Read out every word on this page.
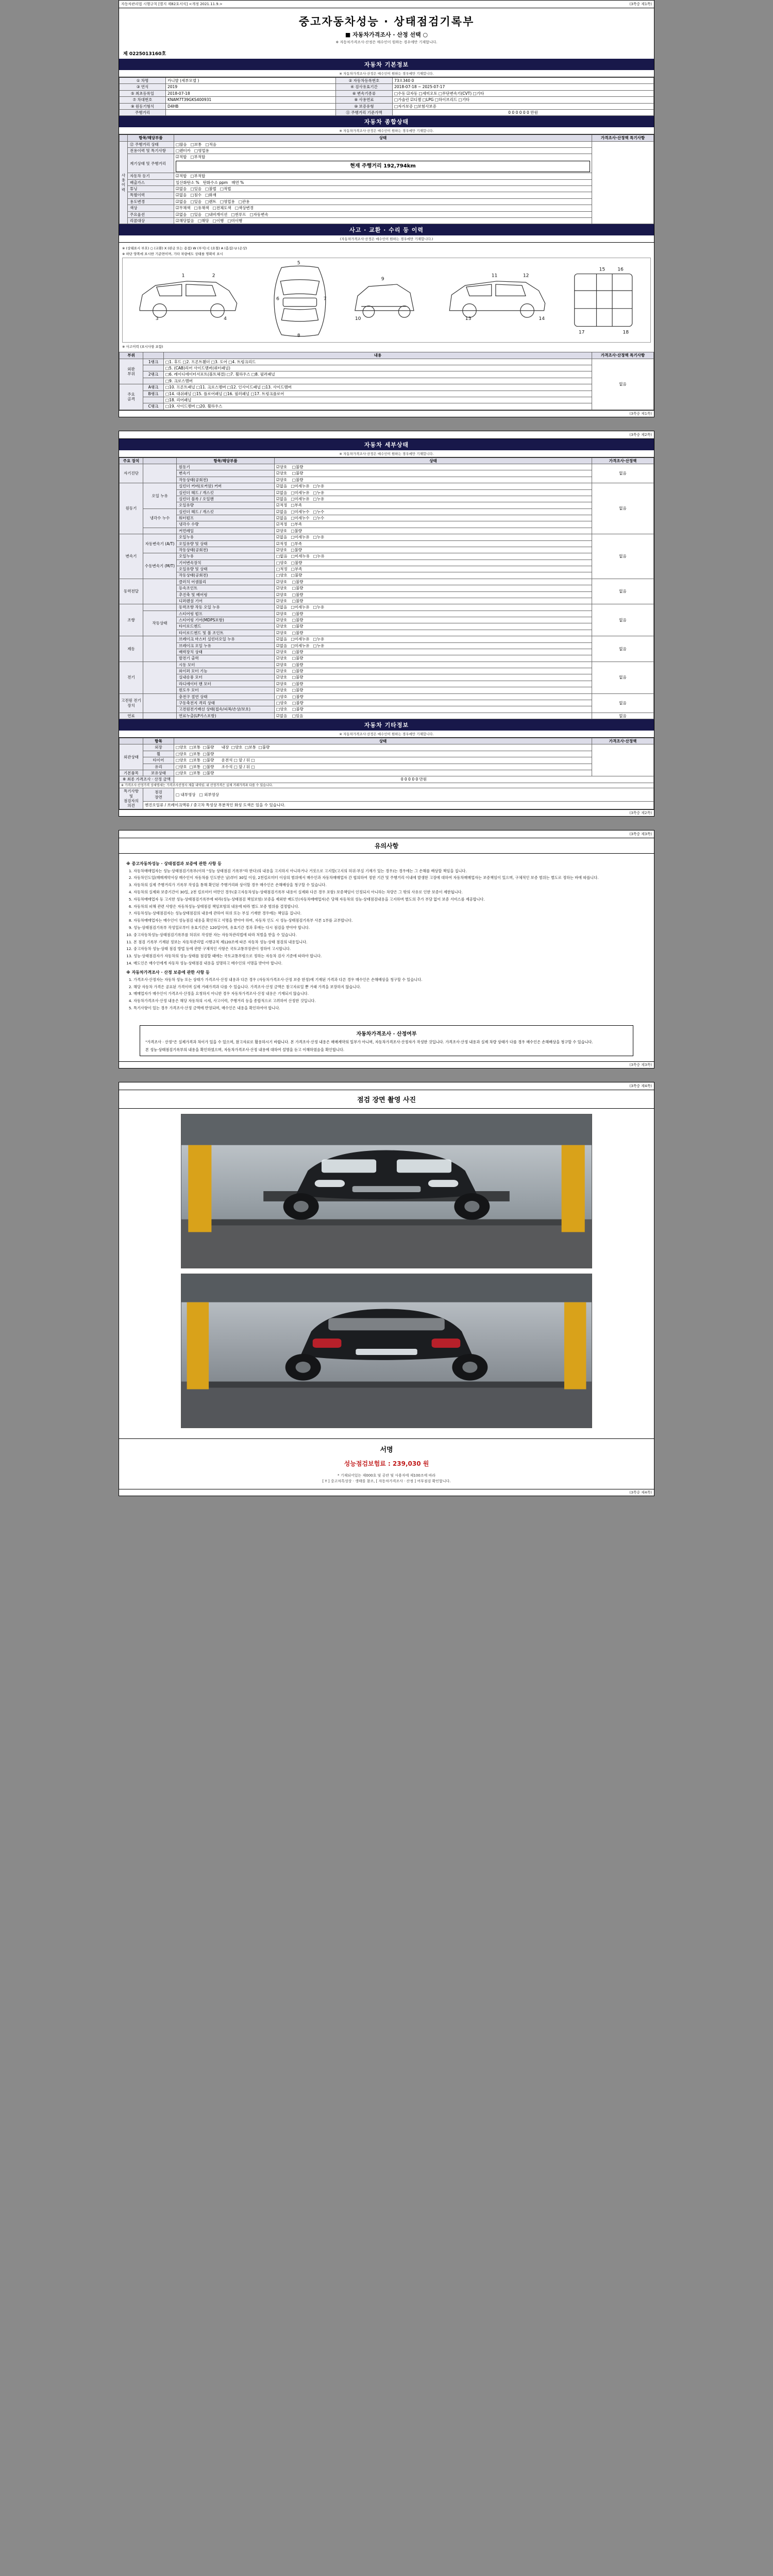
자동차관리법 시행규칙 [별지 제82호서식] <개정 2021.11.9.>	(3쪽중 제1쪽)
중고자동차성능 · 상태점검기록부
■ 자동차가격조사 · 산정 선택 ○
※ 자동차가격조사·산정은 매수인이 원하는 경우에만 기재합니다.
제 0225013160호
자동차 기본정보
※ 자동차가격조사·산정은 매수인이 원하는 경우에만 기재합니다.
① 차명	카니발 (세부모델 )	② 자동차등록번호	73오340 0
③ 연식	2019	④ 검사유효기간	2018-07-18 ~ 2025-07-17
⑤ 최초등록일	2018-07-18	⑥ 변속기종류	□수동 ☑자동 □세미오토 □무단변속기(CVT) □기타
⑦ 차대번호	KNAM7T39GKS400931	⑧ 사용연료	□가솔린 ☑디젤 □LPG □하이브리드 □기타
⑨ 원동기형식	D4HB	⑩ 보증유형	□자가보증 □보험사보증
주행거리		⑪ 주행거리 기준가액	0 0 0 0 0 0 만원
자동차 종합상태
※ 자동차가격조사·산정은 매수인이 원하는 경우에만 기재합니다.
	항목/해당부품	상태	가격조사·산정액 특기사항
사용이력	⑫ 주행거리 상태	□많음 □보통 □적음	
	전용이력 및 특기사항	□렌터카 □영업용	
	계기상태 및 주행거리	☑적합 □부적합
현재 주행거리 192,794km	

	자동차 등기	☑적합 □부적합	
	배출가스	일산화탄소 % 탄화수소 ppm 매연 %	
	튜닝	☑없음 □있음 □불법 □적법	
	특별이력	☑없음 □침수 □화재	
	용도변경	☑없음 □있음 □렌트 □영업용 □관용	
	색상	☑무채색 □유채색 □전체도색 □색상변경	
	주요옵션	☑없음 □있음 □내비게이션 □썬루프 □자동변속	
	리콜대상	☑해당없음 □해당 □이행 □미이행	
사고 · 교환 · 수리 등 이력
(자동차가격조사·산정은 매수인이 원하는 경우에만 기재합니다.)
※ (상태표시 부호) ○ (교환) X (판금 또는 용접) W (부식) C (요철) A (흠집) U (손상)
※ 하단 양쪽에 표시한 기준면이며, 기타 차량에도 상태를 명확히 표시
1	2
3	4
5
6	7
8
9
10
11	12
13	14
15	16
17	18
※ 사고이력 (표시사항 포함)
부위		내용	가격조사·산정액 특기사항
외판
부위	1랭크	□1. 후드 □2. 프론트휀더 □3. 도어 □4. 트렁크리드	없음
		□5. (CAB)리어 사이드멤버(쿼터패널)	
	2랭크	□6. 레이디에이터서포트(볼트체결) □7. 휠하우스 □8. 필러패널	
		□9. 크로스멤버	
주요
골격	A랭크	□10. 프론트패널 □11. 크로스멤버 □12. 인사이드패널 □13. 사이드멤버	
	B랭크	□14. 대쉬패널 □15. 플로어패널 □16. 필러패널 □17. 트렁크플로어	
		□18. 리어패널	
	C랭크	□19. 사이드멤버 □20. 휠하우스	
(3쪽중 제1쪽)
(3쪽중 제2쪽)
자동차 세부상태
※ 자동차가격조사·산정은 매수인이 원하는 경우에만 기재합니다.
주요 장치		항목/해당부품	상태	가격조사·산정액
자기진단		원동기	☑양호 □불량	없음
		변속기	☑양호 □불량	
		작동상태(공회전)	☑양호 □불량	
원동기	오일 누유	실린더 커버(로커암) 커버	☑없음 □미세누유 □누유	없음
		실린더 헤드 / 개스킷	☑없음 □미세누유 □누유	
		실린더 블록 / 오일팬	☑없음 □미세누유 □누유	
		오일유량	☑적정 □부족	
	냉각수 누수	실린더 헤드 / 개스킷	☑없음 □미세누수 □누수	
		워터펌프	☑없음 □미세누수 □누수	
		냉각수 수량	☑적정 □부족	
		커먼레일	☑양호 □불량	
변속기	자동변속기 (A/T)	오일누유	☑없음 □미세누유 □누유	없음
		오일유량 및 상태	☑적정 □부족	
		작동상태(공회전)	☑양호 □불량	
	수동변속기 (M/T)	오일누유	□없음 □미세누유 □누유	
		기어변속장치	□양호 □불량	
		오일유량 및 상태	□적정 □부족	
		작동상태(공회전)	□양호 □불량	
동력전달		클러치 어셈블리	☑양호 □불량	없음
		등속조인트	☑양호 □불량	
		추진축 및 베어링	☑양호 □불량	
		디퍼렌셜 기어	☑양호 □불량	
조향		동력조향 작동 오일 누유	☑없음 □미세누유 □누유	없음
	작동상태	스티어링 펌프	☑양호 □불량	
		스티어링 기어(MDPS포함)	☑양호 □불량	
		타이로드엔드	☑양호 □불량	
		타이로드엔드 및 볼 조인트	☑양호 □불량	
제동		브레이크 마스터 실린더오일 누유	☑없음 □미세누유 □누유	없음
		브레이크 오일 누유	☑없음 □미세누유 □누유	
		배력장치 상태	☑양호 □불량	
		발전기 출력	☑양호 □불량	
전기		시동 모터	☑양호 □불량	없음
		와이퍼 모터 기능	☑양호 □불량	
		실내송풍 모터	☑양호 □불량	
		라디에이터 팬 모터	☑양호 □불량	
		윈도우 모터	☑양호 □불량	
고전원 전기장치		충전구 절연 상태	□양호 □불량	없음
		구동축전지 격리 상태	□양호 □불량	
		고전원전기배선 상태(접속/피복/손상/보호)	□양호 □불량	
연료		연료누출(LP가스포함)	☑없음 □있음	없음
자동차 기타정보
※ 자동차가격조사·산정은 매수인이 원하는 경우에만 기재합니다.
	항목	상태	가격조사·산정액
외관상태	외장	□양호 □보통 □불량 내장 □양호 □보통 □불량	
	휠	□양호 □보통 □불량	
	타이어	□양호 □보통 □불량 운전석 □ 앞 / 뒤 □	
	유리	□양호 □보통 □불량 조수석 □ 앞 / 뒤 □	
기본품목	보유상태	□양호 □보통 □불량	
※ 최종 가격조사 · 산정 금액		0 0 0 0 0 만원	
※ 가격조사·산정가격 상세명세는 가격조사산정사 제출 내역임. 위 산정가격은 실제 거래가격과 다를 수 있습니다.			
특기사항
및
점검자의
의견	점검
장면	□ 내부영상   □ 외부영상	
	엔진오일류 / 브레이크액류 / 중고차 특성상 부분적인 화성 도색은 있을 수 있습니다.		
(3쪽중 제2쪽)
(3쪽중 제3쪽)
유의사항
※ 중고자동차성능 · 상태점검과 보증에 관한 사항 등
1. 자동차매매업자는 성능·상태점검기록부(이하 "성능 상태점검 기록부"라 한다)의 내용을 고지하지 아니하거나 거짓으로 고지할(고지의 허위·부실 기재가 있는 경우)는 경우에는 그 손해를 배상할 책임을 집니다.
2. 자동차인도일(매매계약서상 매수인이 자동차를 인도받은 날)부터 30일 이상, 2천킬로미터 이상의 범위에서 매수인과 자동차매매업자 간 협의하여 정한 기간 및 주행거리 이내에 발생한 고장에 대하여 자동차매매업자는 보증책임이 있으며, 구체적인 보증 범위는 별도로 정하는 바에 따릅니다.
3. 자동차의 실제 주행거리가 기록부 작성을 통해 확인된 주행거리와 상이할 경우 매수인은 손해배상을 청구할 수 있습니다.
4. 자동차의 실제와 보증기간이 30일, 2천 킬로미터 미만인 경우(중고자동차성능·상태점검기록부 내용이 실제와 다른 경우 포함) 보증책임이 인정되지 아니하는 차량은 그 밖의 사유로 인한 보증이 제한됩니다.
5. 자동차매매업자 등 고지한 성능·상태점검기록부에 따라(성능·상태점검 책임보험) 보증을 제외한 매도인(자동차매매업자)은 당해 자동차의 성능·상태점검내용을 고지하며 별도의 추가 부담 없이 보증 서비스를 제공합니다.
6. 자동차의 피해 관련 사항은 자동차성능·상태점검 책임보험의 내용에 따라 별도 보증 범위를 결정합니다.
7. 자동차성능·상태점검자는 성능상태점검의 내용에 관하여 허위 또는 부실 기재한 경우에는 책임을 집니다.
8. 자동차매매업자는 매수인이 성능점검 내용을 확인하고 서명을 받아야 하며, 자동차 인도 시 성능·상태점검기록부 사본 1부를 교부합니다.
9. 성능·상태점검기록부 작성일로부터 유효기간은 120일이며, 유효기간 경과 후에는 다시 점검을 받아야 합니다.
10. 중고자동차성능·상태점검기록부를 허위로 작성한 자는 자동차관리법에 따라 처벌을 받을 수 있습니다.
11. 본 점검 기록부 기재된 정보는 자동차관리법 시행규칙 제120조에 따른 자동차 성능·상태 점검의 내용입니다.
12. 중고자동차 성능·상태 점검 방법 등에 관한 구체적인 사항은 국토교통부장관이 정하여 고시합니다.
13. 성능·상태점검자가 자동차의 성능·상태를 점검할 때에는 국토교통부령으로 정하는 자동차 검사 기준에 따라야 합니다.
14. 매도인은 매수인에게 자동차 성능·상태점검 내용을 설명하고 매수인의 서명을 받아야 합니다.
※ 자동차가격조사 · 산정 보증에 관한 사항 등
1. 가격조사·산정자는 자동차 성능 또는 상태가 가격조사·산정 내용과 다른 경우 (자동차가격조사·산정 보증 한정)에 기재된 가격과 다른 경우 매수인은 손해배상을 청구할 수 있습니다.
2. 해당 자동차 가격은 공표된 가격이며 실제 거래가격과 다를 수 있습니다. 가격조사·산정 금액은 참고자료일 뿐 거래 가격을 보장하지 않습니다.
3. 매매업자가 매수인이 가격조사·산정을 요청하지 아니한 경우 자동차가격조사·산정 내용은 기재되지 않습니다.
4. 자동차가격조사·산정 내용은 해당 자동차의 시세, 사고이력, 주행거리 등을 종합적으로 고려하여 산정한 것입니다.
5. 특기사항이 있는 경우 가격조사·산정 금액에 반영되며, 매수인은 내용을 확인하여야 합니다.
자동차가격조사 · 산정여부
"가격조사 · 산정"은 실제가격과 차이가 있을 수 있으며, 참고자료로 활용하시기 바랍니다. 본 가격조사·산정 내용은 매매계약의 일부가 아니며, 자동차가격조사·산정자가 작성한 것입니다. 가격조사·산정 내용과 실제 차량 상태가 다를 경우 매수인은 손해배상을 청구할 수 있습니다.
본 성능·상태점검기록부의 내용을 확인하였으며, 자동차가격조사·산정 내용에 대하여 설명을 듣고 이해하였음을 확인합니다.
(3쪽중 제3쪽)
(3쪽중 제4쪽)
점검 장면 촬영 사진
서명
성능점검보험료 : 239,030 원
* 기재되어있는 제000호 및 공란 및 사용자에 제100조에 따라
[ Y ] 중고차특성상 · 생태를 참조, [ 자동차가격조사 · 산정 ] 여부점검 확인합니다.
(3쪽중 제4쪽)
